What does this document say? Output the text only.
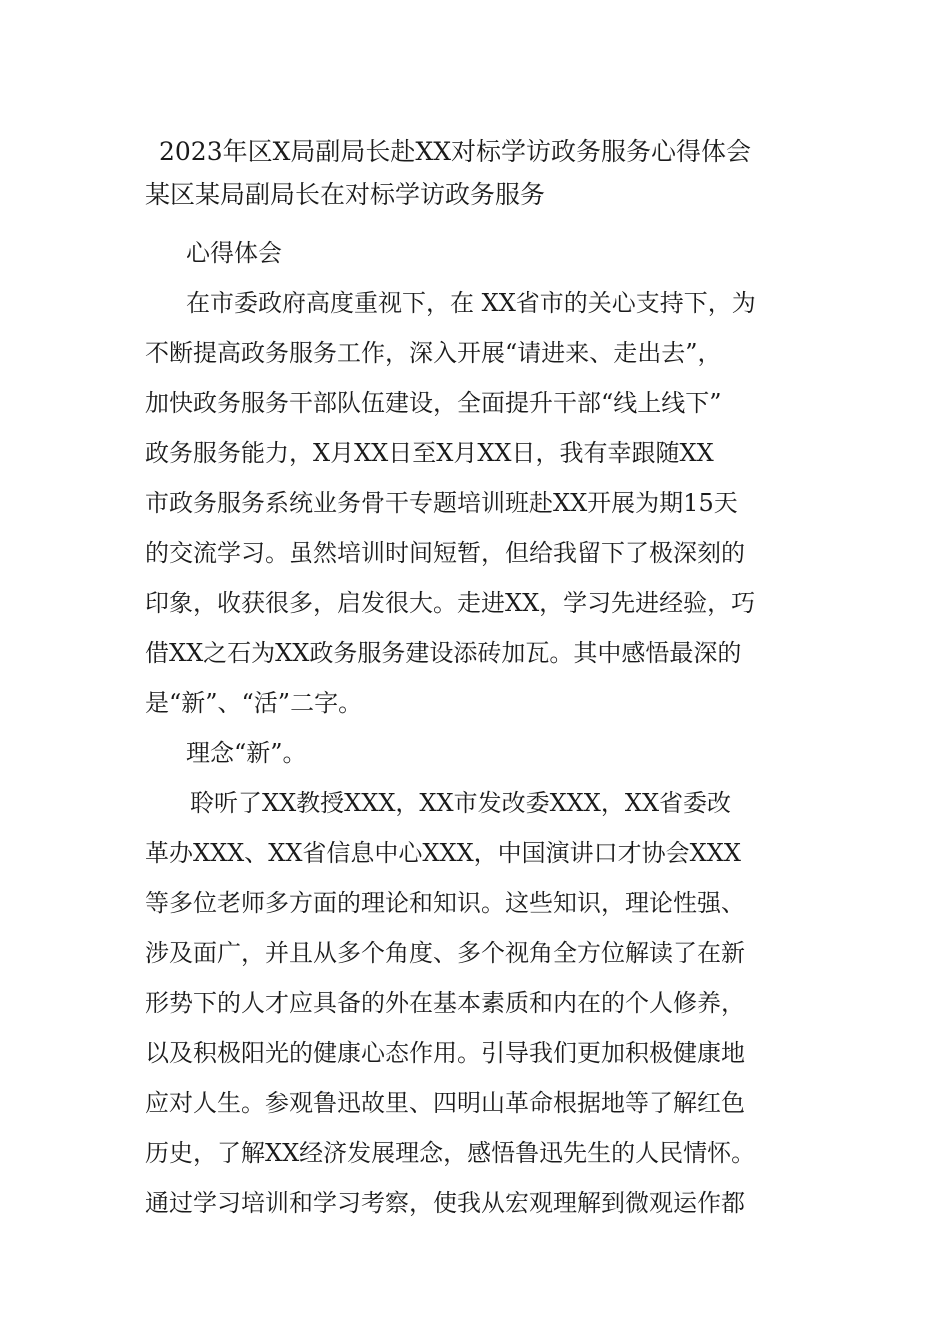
2023年区X局副局长赴XX对标学访政务服务心得体会
某区某局副局长在对标学访政务服务
心得体会
在市委政府高度重视下，在 XX省市的关心支持下，为
不断提高政务服务工作，深入开展“请进来、走出去”，
加快政务服务干部队伍建设，全面提升干部“线上线下”
政务服务能力，X月XX日至X月XX日，我有幸跟随XX
市政务服务系统业务骨干专题培训班赴XX开展为期15天
的交流学习。虽然培训时间短暂，但给我留下了极深刻的
印象，收获很多，启发很大。走进XX，学习先进经验，巧
借XX之石为XX政务服务建设添砖加瓦。其中感悟最深的
是“新”、“活”二字。
理念“新”。
聆听了XX教授XXX，XX市发改委XXX，XX省委改
革办XXX、XX省信息中心XXX，中国演讲口才协会XXX
等多位老师多方面的理论和知识。这些知识，理论性强、
涉及面广，并且从多个角度、多个视角全方位解读了在新
形势下的人才应具备的外在基本素质和内在的个人修养，
以及积极阳光的健康心态作用。引导我们更加积极健康地
应对人生。参观鲁迅故里、四明山革命根据地等了解红色
历史，了解XX经济发展理念，感悟鲁迅先生的人民情怀。
通过学习培训和学习考察，使我从宏观理解到微观运作都
